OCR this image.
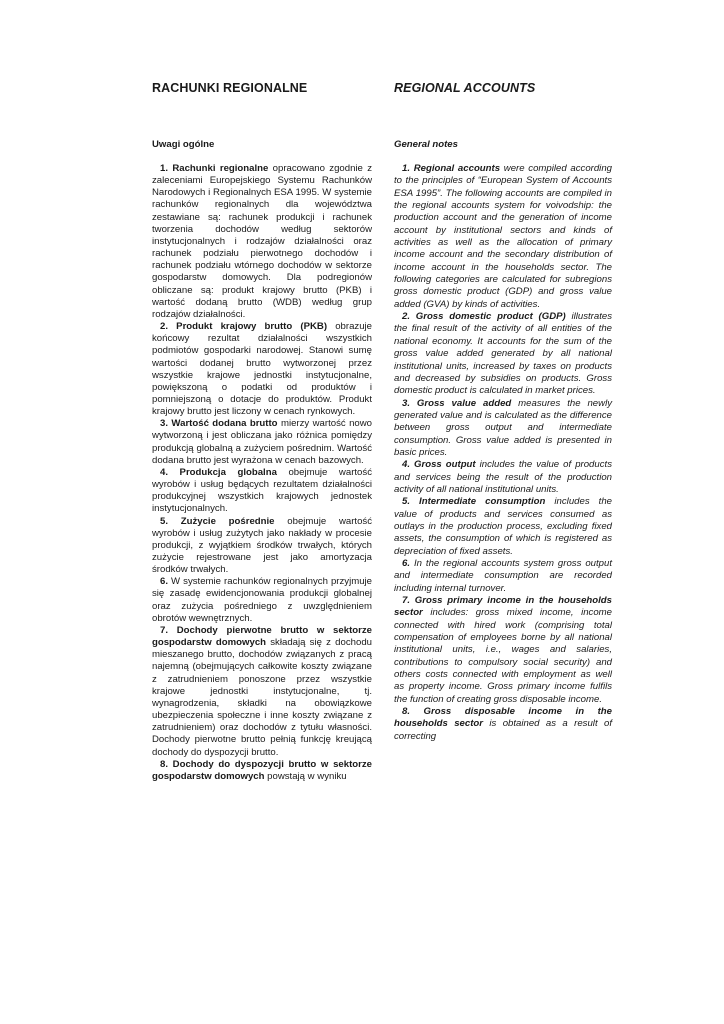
RACHUNKI REGIONALNE
Uwagi ogólne

1. Rachunki regionalne opracowano zgodnie z zaleceniami Europejskiego Systemu Rachunków Narodowych i Regionalnych ESA 1995. W systemie rachunków regionalnych dla województwa zestawiane są: rachunek produkcji i rachunek tworzenia dochodów według sektorów instytucjonalnych i rodzajów działalności oraz rachunek podziału pierwotnego dochodów i rachunek podziału wtórnego dochodów w sektorze gospodarstw domowych. Dla podregionów obliczane są: produkt krajowy brutto (PKB) i wartość dodaną brutto (WDB) według grup rodzajów działalności.

2. Produkt krajowy brutto (PKB) obrazuje końcowy rezultat działalności wszystkich podmiotów gospodarki narodowej. Stanowi sumę wartości dodanej brutto wytworzonej przez wszystkie krajowe jednostki instytucjonalne, powiększoną o podatki od produktów i pomniejszoną o dotacje do produktów. Produkt krajowy brutto jest liczony w cenach rynkowych.

3. Wartość dodana brutto mierzy wartość nowo wytworzoną i jest obliczana jako różnica pomiędzy produkcją globalną a zużyciem pośrednim. Wartość dodana brutto jest wyrażona w cenach bazowych.

4. Produkcja globalna obejmuje wartość wyrobów i usług będących rezultatem działalności produkcyjnej wszystkich krajowych jednostek instytucjonalnych.

5. Zużycie pośrednie obejmuje wartość wyrobów i usług zużytych jako nakłady w procesie produkcji, z wyjątkiem środków trwałych, których zużycie rejestrowane jest jako amortyzacja środków trwałych.

6. W systemie rachunków regionalnych przyjmuje się zasadę ewidencjonowania produkcji globalnej oraz zużycia pośredniego z uwzględnieniem obrotów wewnętrznych.

7. Dochody pierwotne brutto w sektorze gospodarstw domowych składają się z dochodu mieszanego brutto, dochodów związanych z pracą najemną (obejmujących całkowite koszty związane z zatrudnieniem ponoszone przez wszystkie krajowe jednostki instytucjonalne, tj. wynagrodzenia, składki na obowiązkowe ubezpieczenia społeczne i inne koszty związane z zatrudnieniem) oraz dochodów z tytułu własności. Dochody pierwotne brutto pełnią funkcję kreującą dochody do dyspozycji brutto.

8. Dochody do dyspozycji brutto w sektorze gospodarstw domowych powstają w wyniku

REGIONAL ACCOUNTS
General notes

1. Regional accounts were compiled according to the principles of “European System of Accounts ESA 1995”. The following accounts are compiled in the regional accounts system for voivodship: the production account and the generation of income account by institutional sectors and kinds of activities as well as the allocation of primary income account and the secondary distribution of income account in the households sector. The following categories are calculated for subregions gross domestic product (GDP) and gross value added (GVA) by kinds of activities.

2. Gross domestic product (GDP) illustrates the final result of the activity of all entities of the national economy. It accounts for the sum of the gross value added generated by all national institutional units, increased by taxes on products and decreased by subsidies on products. Gross domestic product is calculated in market prices.

3. Gross value added measures the newly generated value and is calculated as the difference between gross output and intermediate consumption. Gross value added is presented in basic prices.

4. Gross output includes the value of products and services being the result of the production activity of all national institutional units.

5. Intermediate consumption includes the value of products and services consumed as outlays in the production process, excluding fixed assets, the consumption of which is registered as depreciation of fixed assets.

6. In the regional accounts system gross output and intermediate consumption are recorded including internal turnover.

7. Gross primary income in the households sector includes: gross mixed income, income connected with hired work (comprising total compensation of employees borne by all national institutional units, i.e., wages and salaries, contributions to compulsory social security) and others costs connected with employment as well as property income. Gross primary income fulfils the function of creating gross disposable income.

8. Gross disposable income in the households sector is obtained as a result of correcting
